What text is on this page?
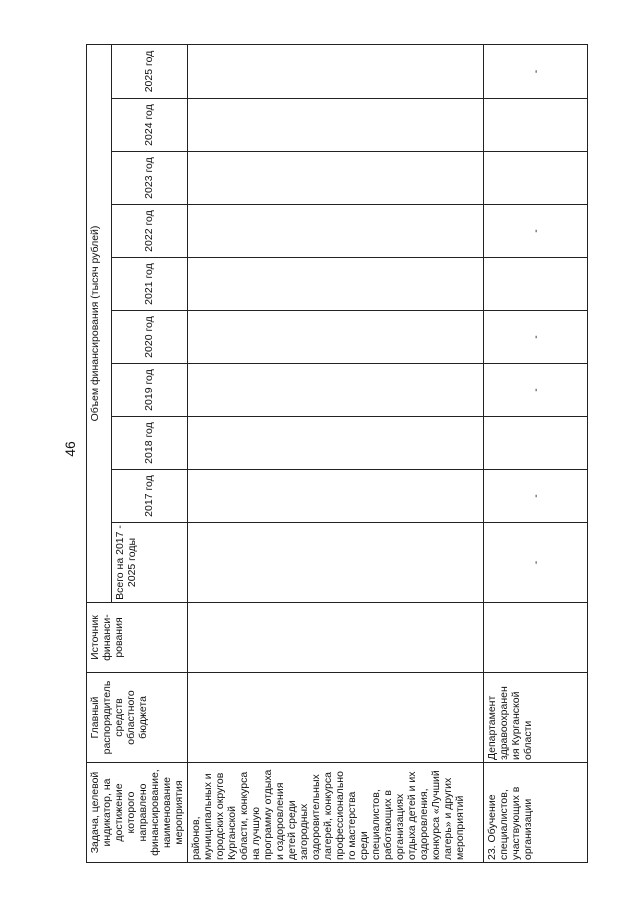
46
Задача, целевой индикатор, на достижение которого направлено финансирование, наименование мероприятия	Главный распорядитель средств областного бюджета	Источник финанси-рования	Объем финансирования (тысяч рублей)									
			Всего на 2017 - 2025 годы	2017 год	2018 год	2019 год	2020 год	2021 год	2022 год	2023 год	2024 год	2025 год
районов, муниципальных и городских округов Курганской области, конкурса на лучшую программу отдыха и оздоровления детей среди загородных оздоровительных лагерей, конкурса профессионально го мастерства среди специалистов, работающих в организациях отдыха детей и их оздоровления, конкурса «Лучший лагерь» и других мероприятий												
23. Обучение специалистов, участвующих в организации	Департамент здравоохранен ия Курганской области		-	-		-	-		-			-
